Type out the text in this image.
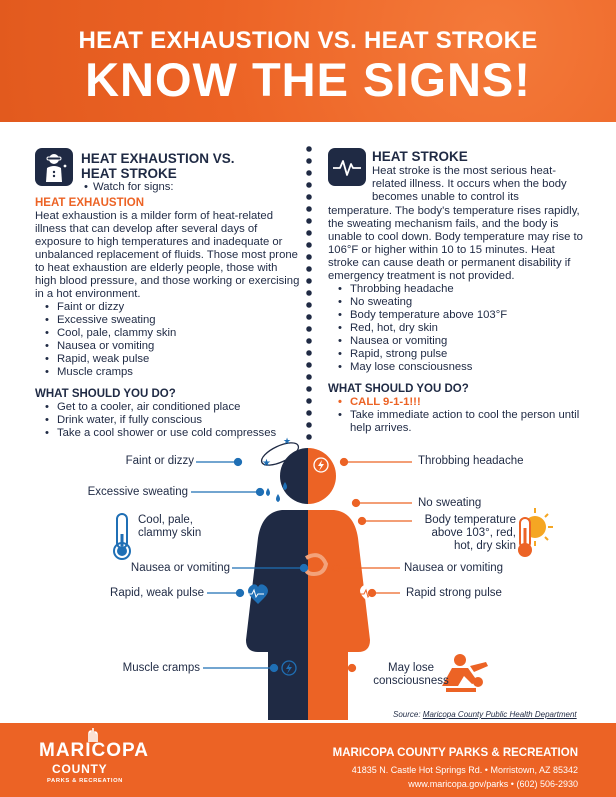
HEAT EXHAUSTION VS. HEAT STROKE
KNOW THE SIGNS!
HEAT EXHAUSTION VS.
HEAT STROKE
• Watch for signs:
HEAT EXHAUSTION
Heat exhaustion is a milder form of heat-related illness that can develop after several days of exposure to high temperatures and inadequate or unbalanced replacement of fluids. Those most prone to heat exhaustion are elderly people, those with high blood pressure, and those working or exercising in a hot environment.
• Faint or dizzy
• Excessive sweating
• Cool, pale, clammy skin
• Nausea or vomiting
• Rapid, weak pulse
• Muscle cramps
WHAT SHOULD YOU DO?
• Get to a cooler, air conditioned place
• Drink water, if fully conscious
• Take a cool shower or use cold compresses
HEAT STROKE
Heat stroke is the most serious heat-related illness. It occurs when the body becomes unable to control its
temperature. The body's temperature rises rapidly, the sweating mechanism fails, and the body is unable to cool down. Body temperature may rise to 106°F or higher within 10 to 15 minutes. Heat stroke can cause death or permanent disability if emergency treatment is not provided.
• Throbbing headache
• No sweating
• Body temperature above 103°F
• Red, hot, dry skin
• Nausea or vomiting
• Rapid, strong pulse
• May lose consciousness
WHAT SHOULD YOU DO?
• CALL 9-1-1!!!
• Take immediate action to cool the person until help arrives.
★
★
Faint or dizzy
Excessive sweating
Cool, pale,
clammy skin
Nausea or vomiting
Rapid, weak pulse
Muscle cramps
Throbbing headache
No sweating
Body temperature
above 103°, red,
hot, dry skin
Nausea or vomiting
Rapid strong pulse
May lose
consciousness
Source: Maricopa County Public Health Department
MARICOPA
COUNTY
PARKS & RECREATION
MARICOPA COUNTY PARKS & RECREATION
41835 N. Castle Hot Springs Rd. • Morristown, AZ 85342
www.maricopa.gov/parks • (602) 506-2930
